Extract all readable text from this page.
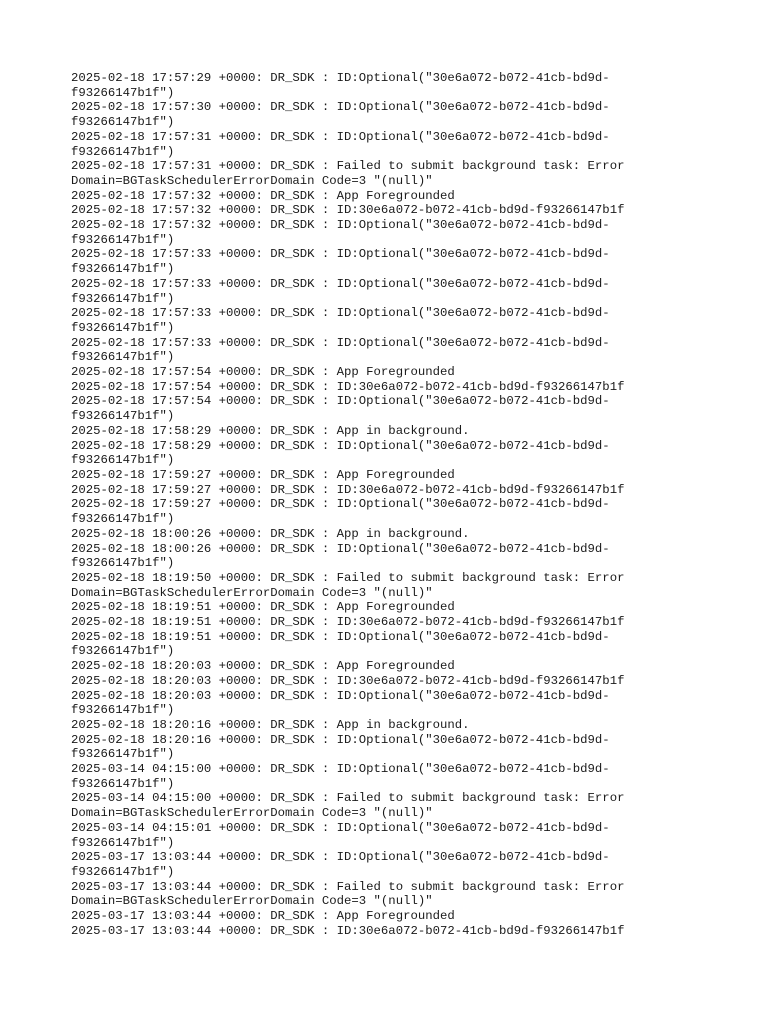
2025-02-18 17:57:29 +0000: DR_SDK : ID:Optional("30e6a072-b072-41cb-bd9d-
f93266147b1f")
2025-02-18 17:57:30 +0000: DR_SDK : ID:Optional("30e6a072-b072-41cb-bd9d-
f93266147b1f")
2025-02-18 17:57:31 +0000: DR_SDK : ID:Optional("30e6a072-b072-41cb-bd9d-
f93266147b1f")
2025-02-18 17:57:31 +0000: DR_SDK : Failed to submit background task: Error
Domain=BGTaskSchedulerErrorDomain Code=3 "(null)"
2025-02-18 17:57:32 +0000: DR_SDK : App Foregrounded
2025-02-18 17:57:32 +0000: DR_SDK : ID:30e6a072-b072-41cb-bd9d-f93266147b1f
2025-02-18 17:57:32 +0000: DR_SDK : ID:Optional("30e6a072-b072-41cb-bd9d-
f93266147b1f")
2025-02-18 17:57:33 +0000: DR_SDK : ID:Optional("30e6a072-b072-41cb-bd9d-
f93266147b1f")
2025-02-18 17:57:33 +0000: DR_SDK : ID:Optional("30e6a072-b072-41cb-bd9d-
f93266147b1f")
2025-02-18 17:57:33 +0000: DR_SDK : ID:Optional("30e6a072-b072-41cb-bd9d-
f93266147b1f")
2025-02-18 17:57:33 +0000: DR_SDK : ID:Optional("30e6a072-b072-41cb-bd9d-
f93266147b1f")
2025-02-18 17:57:54 +0000: DR_SDK : App Foregrounded
2025-02-18 17:57:54 +0000: DR_SDK : ID:30e6a072-b072-41cb-bd9d-f93266147b1f
2025-02-18 17:57:54 +0000: DR_SDK : ID:Optional("30e6a072-b072-41cb-bd9d-
f93266147b1f")
2025-02-18 17:58:29 +0000: DR_SDK : App in background.
2025-02-18 17:58:29 +0000: DR_SDK : ID:Optional("30e6a072-b072-41cb-bd9d-
f93266147b1f")
2025-02-18 17:59:27 +0000: DR_SDK : App Foregrounded
2025-02-18 17:59:27 +0000: DR_SDK : ID:30e6a072-b072-41cb-bd9d-f93266147b1f
2025-02-18 17:59:27 +0000: DR_SDK : ID:Optional("30e6a072-b072-41cb-bd9d-
f93266147b1f")
2025-02-18 18:00:26 +0000: DR_SDK : App in background.
2025-02-18 18:00:26 +0000: DR_SDK : ID:Optional("30e6a072-b072-41cb-bd9d-
f93266147b1f")
2025-02-18 18:19:50 +0000: DR_SDK : Failed to submit background task: Error
Domain=BGTaskSchedulerErrorDomain Code=3 "(null)"
2025-02-18 18:19:51 +0000: DR_SDK : App Foregrounded
2025-02-18 18:19:51 +0000: DR_SDK : ID:30e6a072-b072-41cb-bd9d-f93266147b1f
2025-02-18 18:19:51 +0000: DR_SDK : ID:Optional("30e6a072-b072-41cb-bd9d-
f93266147b1f")
2025-02-18 18:20:03 +0000: DR_SDK : App Foregrounded
2025-02-18 18:20:03 +0000: DR_SDK : ID:30e6a072-b072-41cb-bd9d-f93266147b1f
2025-02-18 18:20:03 +0000: DR_SDK : ID:Optional("30e6a072-b072-41cb-bd9d-
f93266147b1f")
2025-02-18 18:20:16 +0000: DR_SDK : App in background.
2025-02-18 18:20:16 +0000: DR_SDK : ID:Optional("30e6a072-b072-41cb-bd9d-
f93266147b1f")
2025-03-14 04:15:00 +0000: DR_SDK : ID:Optional("30e6a072-b072-41cb-bd9d-
f93266147b1f")
2025-03-14 04:15:00 +0000: DR_SDK : Failed to submit background task: Error
Domain=BGTaskSchedulerErrorDomain Code=3 "(null)"
2025-03-14 04:15:01 +0000: DR_SDK : ID:Optional("30e6a072-b072-41cb-bd9d-
f93266147b1f")
2025-03-17 13:03:44 +0000: DR_SDK : ID:Optional("30e6a072-b072-41cb-bd9d-
f93266147b1f")
2025-03-17 13:03:44 +0000: DR_SDK : Failed to submit background task: Error
Domain=BGTaskSchedulerErrorDomain Code=3 "(null)"
2025-03-17 13:03:44 +0000: DR_SDK : App Foregrounded
2025-03-17 13:03:44 +0000: DR_SDK : ID:30e6a072-b072-41cb-bd9d-f93266147b1f
